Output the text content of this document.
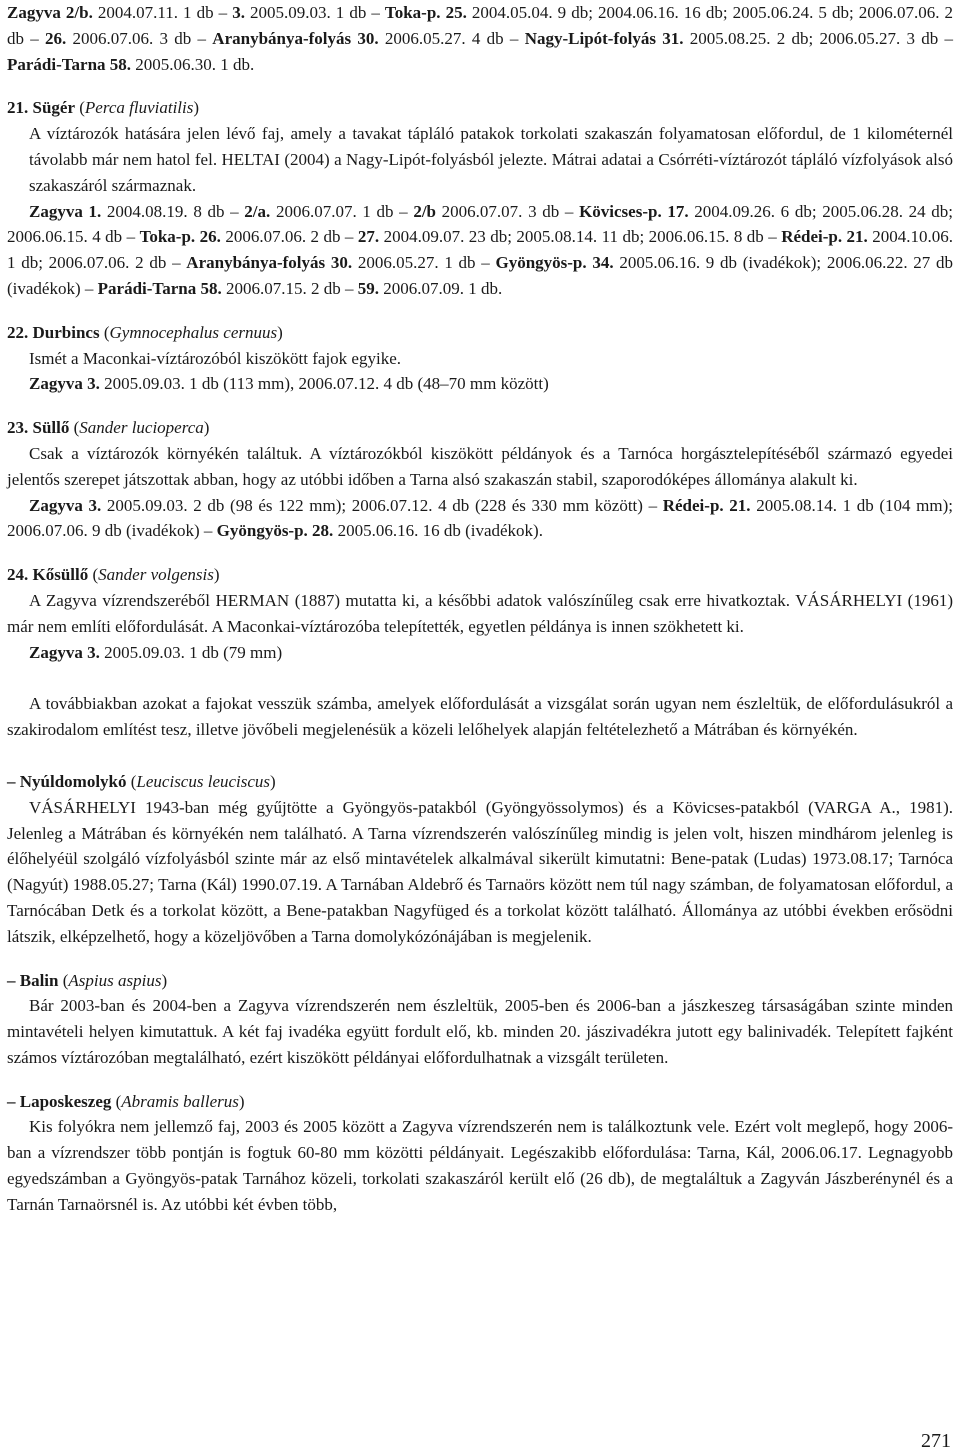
Zagyva 2/b. 2004.07.11. 1 db – 3. 2005.09.03. 1 db – Toka-p. 25. 2004.05.04. 9 db; 2004.06.16. 16 db; 2005.06.24. 5 db; 2006.07.06. 2 db – 26. 2006.07.06. 3 db – Aranybánya-folyás 30. 2006.05.27. 4 db – Nagy-Lipót-folyás 31. 2005.08.25. 2 db; 2006.05.27. 3 db – Parádi-Tarna 58. 2005.06.30. 1 db.

21. Sügér (Perca fluviatilis)

A víztározók hatására jelen lévő faj, amely a tavakat tápláló patakok torkolati szakaszán folyamatosan előfordul, de 1 kilométernél távolabb már nem hatol fel. HELTAI (2004) a Nagy-Lipót-folyásból jelezte. Mátrai adatai a Csórréti-víztározót tápláló vízfolyások alsó szakaszáról származnak.

Zagyva 1. 2004.08.19. 8 db – 2/a. 2006.07.07. 1 db – 2/b 2006.07.07. 3 db – Kövicses-p. 17. 2004.09.26. 6 db; 2005.06.28. 24 db; 2006.06.15. 4 db – Toka-p. 26. 2006.07.06. 2 db – 27. 2004.09.07. 23 db; 2005.08.14. 11 db; 2006.06.15. 8 db – Rédei-p. 21. 2004.10.06. 1 db; 2006.07.06. 2 db – Aranybánya-folyás 30. 2006.05.27. 1 db – Gyöngyös-p. 34. 2005.06.16. 9 db (ivadékok); 2006.06.22. 27 db (ivadékok) – Parádi-Tarna 58. 2006.07.15. 2 db – 59. 2006.07.09. 1 db.

22. Durbincs (Gymnocephalus cernuus)

Ismét a Maconkai-víztározóból kiszökött fajok egyike.

Zagyva 3. 2005.09.03. 1 db (113 mm), 2006.07.12. 4 db (48–70 mm között)

23. Süllő (Sander lucioperca)

Csak a víztározók környékén találtuk. A víztározókból kiszökött példányok és a Tarnóca horgásztelepítéséből származó egyedei jelentős szerepet játszottak abban, hogy az utóbbi időben a Tarna alsó szakaszán stabil, szaporodóképes állománya alakult ki.

Zagyva 3. 2005.09.03. 2 db (98 és 122 mm); 2006.07.12. 4 db (228 és 330 mm között) – Rédei-p. 21. 2005.08.14. 1 db (104 mm); 2006.07.06. 9 db (ivadékok) – Gyöngyös-p. 28. 2005.06.16. 16 db (ivadékok).

24. Kősüllő (Sander volgensis)

A Zagyva vízrendszeréből HERMAN (1887) mutatta ki, a későbbi adatok valószínűleg csak erre hivatkoztak. VÁSÁRHELYI (1961) már nem említi előfordulását. A Maconkai-víztározóba telepítették, egyetlen példánya is innen szökhetett ki.

Zagyva 3. 2005.09.03. 1 db (79 mm)

A továbbiakban azokat a fajokat vesszük számba, amelyek előfordulását a vizsgálat során ugyan nem észleltük, de előfordulásukról a szakirodalom említést tesz, illetve jövőbeli megjelenésük a közeli lelőhelyek alapján feltételezhető a Mátrában és környékén.

– Nyúldomolykó (Leuciscus leuciscus)

VÁSÁRHELYI 1943-ban még gyűjtötte a Gyöngyös-patakból (Gyöngyössolymos) és a Kövicses-patakból (VARGA A., 1981). Jelenleg a Mátrában és környékén nem található. A Tarna vízrendszerén valószínűleg mindig is jelen volt, hiszen mindhárom jelenleg is élőhelyéül szolgáló vízfolyásból szinte már az első mintavételek alkalmával sikerült kimutatni: Bene-patak (Ludas) 1973.08.17; Tarnóca (Nagyút) 1988.05.27; Tarna (Kál) 1990.07.19. A Tarnában Aldebrő és Tarnaörs között nem túl nagy számban, de folyamatosan előfordul, a Tarnócában Detk és a torkolat között, a Bene-patakban Nagyfüged és a torkolat között található. Állománya az utóbbi években erősödni látszik, elképzelhető, hogy a közeljövőben a Tarna domolykózónájában is megjelenik.

– Balin (Aspius aspius)

Bár 2003-ban és 2004-ben a Zagyva vízrendszerén nem észleltük, 2005-ben és 2006-ban a jászkeszeg társaságában szinte minden mintavételi helyen kimutattuk. A két faj ivadéka együtt fordult elő, kb. minden 20. jászivadékra jutott egy balinivadék. Telepített fajként számos víztározóban megtalálható, ezért kiszökött példányai előfordulhatnak a vizsgált területen.

– Laposkeszeg (Abramis ballerus)

Kis folyókra nem jellemző faj, 2003 és 2005 között a Zagyva vízrendszerén nem is találkoztunk vele. Ezért volt meglepő, hogy 2006-ban a vízrendszer több pontján is fogtuk 60-80 mm közötti példányait. Legészakibb előfordulása: Tarna, Kál, 2006.06.17. Legnagyobb egyedszámban a Gyöngyös-patak Tarnához közeli, torkolati szakaszáról került elő (26 db), de megtaláltuk a Zagyván Jászberénynél és a Tarnán Tarnaörsnél is. Az utóbbi két évben több,

271
